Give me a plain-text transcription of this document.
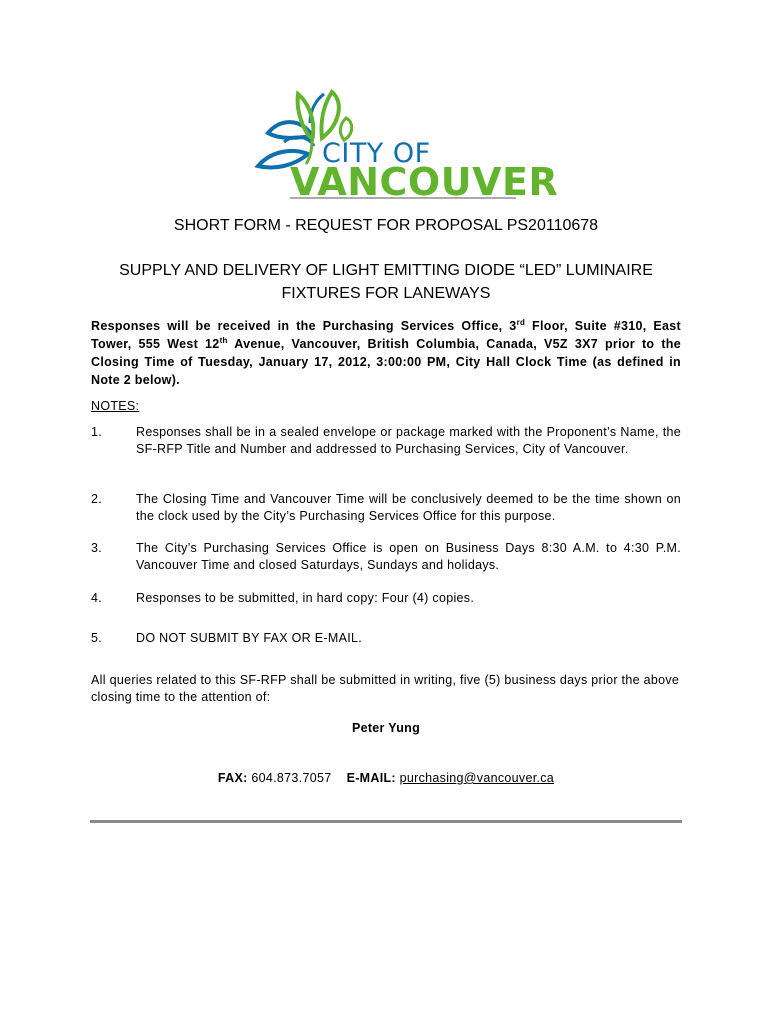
CITY OF
VANCOUVER
SHORT FORM - REQUEST FOR PROPOSAL PS20110678
SUPPLY AND DELIVERY OF LIGHT EMITTING DIODE “LED” LUMINAIRE
FIXTURES FOR LANEWAYS
Responses will be received in the Purchasing Services Office, 3rd Floor, Suite #310, East Tower, 555 West 12th Avenue, Vancouver, British Columbia, Canada, V5Z 3X7 prior to the Closing Time of Tuesday, January 17, 2012, 3:00:00 PM, City Hall Clock Time (as defined in Note 2 below).
NOTES:
1.	Responses shall be in a sealed envelope or package marked with the Proponent’s Name, the SF-RFP Title and Number and addressed to Purchasing Services, City of Vancouver.
2.	The Closing Time and Vancouver Time will be conclusively deemed to be the time shown on the clock used by the City’s Purchasing Services Office for this purpose.
3.	The City’s Purchasing Services Office is open on Business Days 8:30 A.M. to 4:30 P.M. Vancouver Time and closed Saturdays, Sundays and holidays.
4.	Responses to be submitted, in hard copy: Four (4) copies.
5.	DO NOT SUBMIT BY FAX OR E-MAIL.
All queries related to this SF-RFP shall be submitted in writing, five (5) business days prior the above closing time to the attention of:
Peter Yung
FAX: 604.873.7057 E-MAIL: purchasing@vancouver.ca
